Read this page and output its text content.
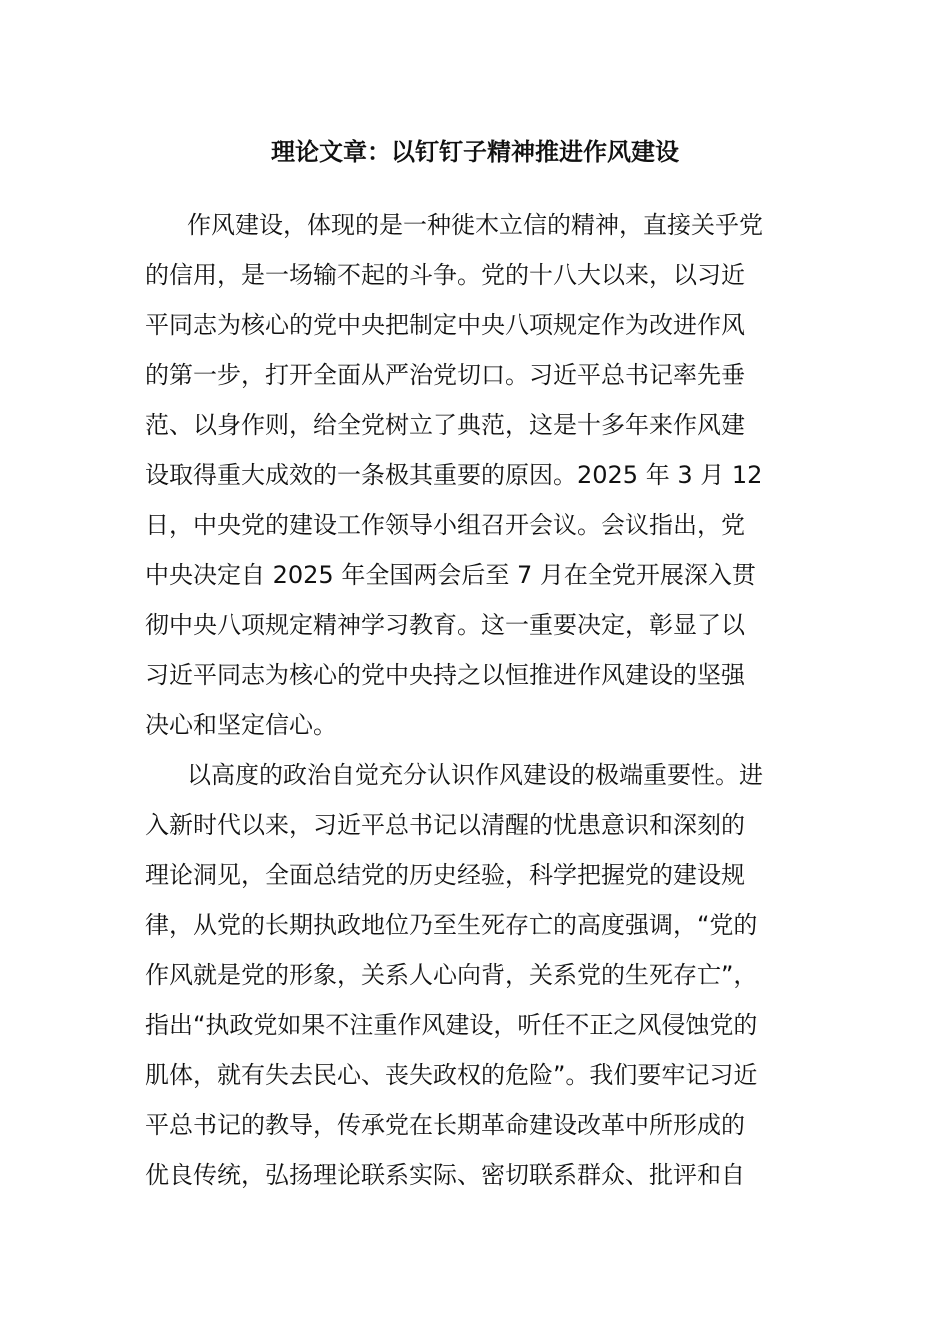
理论文章：以钉钉子精神推进作风建设
作风建设，体现的是一种徙木立信的精神，直接关乎党
的信用，是一场输不起的斗争。党的十八大以来，以习近
平同志为核心的党中央把制定中央八项规定作为改进作风
的第一步，打开全面从严治党切口。习近平总书记率先垂
范、以身作则，给全党树立了典范，这是十多年来作风建
设取得重大成效的一条极其重要的原因。2025 年 3 月 12
日，中央党的建设工作领导小组召开会议。会议指出，党
中央决定自 2025 年全国两会后至 7 月在全党开展深入贯
彻中央八项规定精神学习教育。这一重要决定，彰显了以
习近平同志为核心的党中央持之以恒推进作风建设的坚强
决心和坚定信心。
以高度的政治自觉充分认识作风建设的极端重要性。进
入新时代以来，习近平总书记以清醒的忧患意识和深刻的
理论洞见，全面总结党的历史经验，科学把握党的建设规
律，从党的长期执政地位乃至生死存亡的高度强调，“党的
作风就是党的形象，关系人心向背，关系党的生死存亡”，
指出“执政党如果不注重作风建设，听任不正之风侵蚀党的
肌体，就有失去民心、丧失政权的危险”。我们要牢记习近
平总书记的教导，传承党在长期革命建设改革中所形成的
优良传统，弘扬理论联系实际、密切联系群众、批评和自
